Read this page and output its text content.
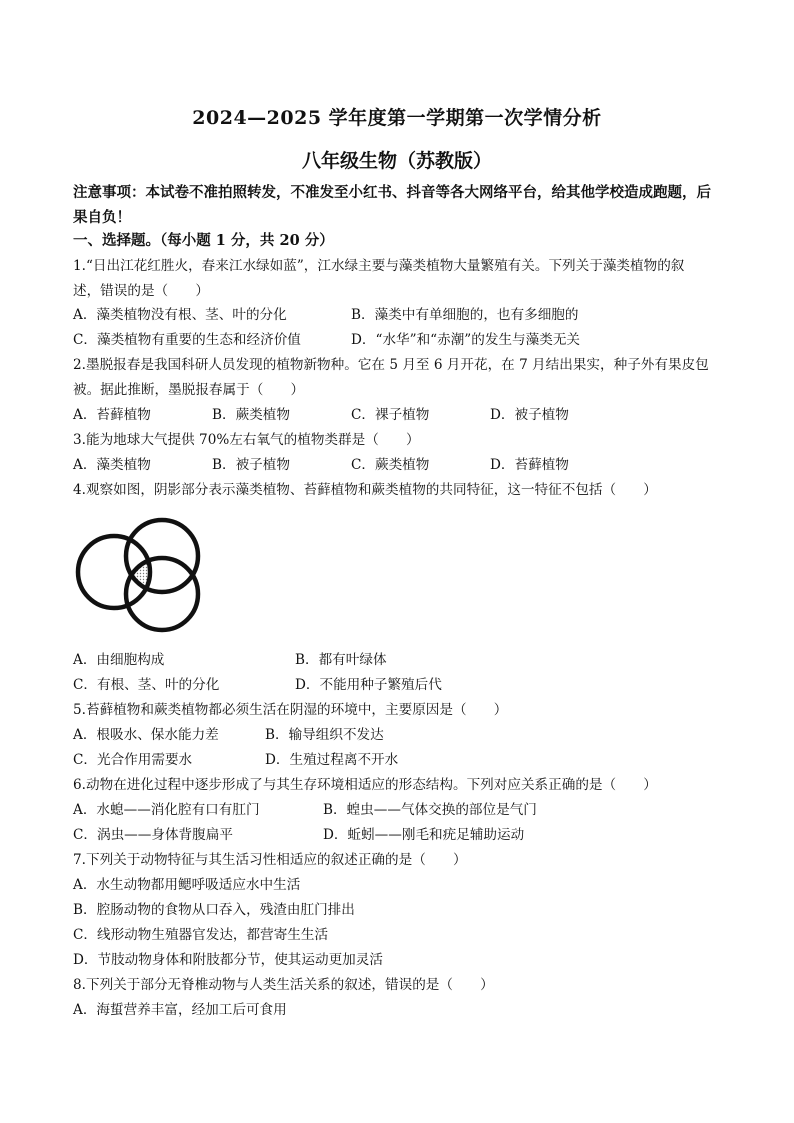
2024—2025 学年度第一学期第一次学情分析
八年级生物（苏教版）
注意事项：本试卷不准拍照转发，不准发至小红书、抖音等各大网络平台，给其他学校造成跑题，后果自负！
一、选择题。（每小题 1 分，共 20 分）
1.“日出江花红胜火，春来江水绿如蓝”，江水绿主要与藻类植物大量繁殖有关。下列关于藻类植物的叙
述，错误的是（　　）
A．藻类植物没有根、茎、叶的分化	B．藻类中有单细胞的，也有多细胞的
C．藻类植物有重要的生态和经济价值	D．“水华”和“赤潮”的发生与藻类无关
2.墨脱报春是我国科研人员发现的植物新物种。它在 5 月至 6 月开花，在 7 月结出果实，种子外有果皮包
被。据此推断，墨脱报春属于（　　）
A．苔藓植物	B．蕨类植物	C．裸子植物	D．被子植物
3.能为地球大气提供 70%左右氧气的植物类群是（　　）
A．藻类植物	B．被子植物	C．蕨类植物	D．苔藓植物
4.观察如图，阴影部分表示藻类植物、苔藓植物和蕨类植物的共同特征，这一特征不包括（　　）
A．由细胞构成	B．都有叶绿体
C．有根、茎、叶的分化	D．不能用种子繁殖后代
5.苔藓植物和蕨类植物都必须生活在阴湿的环境中，主要原因是（　　）
A．根吸水、保水能力差	B．输导组织不发达
C．光合作用需要水	D．生殖过程离不开水
6.动物在进化过程中逐步形成了与其生存环境相适应的形态结构。下列对应关系正确的是（　　）
A．水螅——消化腔有口有肛门	B．蝗虫——气体交换的部位是气门
C．涡虫——身体背腹扁平	D．蚯蚓——刚毛和疣足辅助运动
7.下列关于动物特征与其生活习性相适应的叙述正确的是（　　）
A．水生动物都用鳃呼吸适应水中生活
B．腔肠动物的食物从口吞入，残渣由肛门排出
C．线形动物生殖器官发达，都营寄生生活
D．节肢动物身体和附肢都分节，使其运动更加灵活
8.下列关于部分无脊椎动物与人类生活关系的叙述，错误的是（　　）
A．海蜇营养丰富，经加工后可食用
